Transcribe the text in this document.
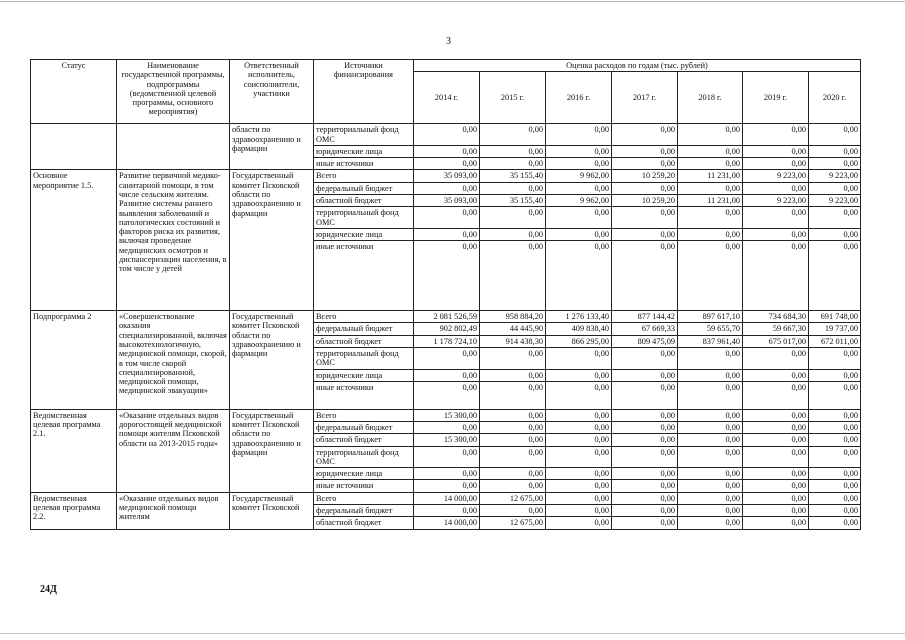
3
Статус	Наименование государственной программы, подпрограммы (ведомственной целевой программы, основного мероприятия)	Ответственный исполнитель, соисполнители, участники	Источники финансирования	Оценка расходов по годам (тыс. рублей)						
				2014 г.	2015 г.	2016 г.	2017 г.	2018 г.	2019 г.	2020 г.
		области по здравоохранению и фармации	территориальный фонд ОМС	0,00	0,00	0,00	0,00	0,00	0,00	0,00
			юридические лица	0,00	0,00	0,00	0,00	0,00	0,00	0,00
			иные источники	0,00	0,00	0,00	0,00	0,00	0,00	0,00
Основное мероприятие 1.5.	Развитие первичной медико-санитарной помощи, в том числе сельским жителям. Развитие системы раннего выявления заболеваний и патологических состояний и факторов риска их развития, включая проведение медицинских осмотров и диспансеризации населения, в том числе у детей	Государственный комитет Псковской области по здравоохранению и фармации	Всего	35 093,00	35 155,40	9 962,00	10 259,20	11 231,00	9 223,00	9 223,00
			федеральный бюджет	0,00	0,00	0,00	0,00	0,00	0,00	0,00
			областной бюджет	35 093,00	35 155,40	9 962,00	10 259,20	11 231,00	9 223,00	9 223,00
			территориальный фонд ОМС	0,00	0,00	0,00	0,00	0,00	0,00	0,00
			юридические лица	0,00	0,00	0,00	0,00	0,00	0,00	0,00
			иные источники	0,00	0,00	0,00	0,00	0,00	0,00	0,00
Подпрограмма 2	«Совершенствование оказания специализированной, включая высокотехнологичную, медицинской помощи, скорой, в том числе скорой специализированной, медицинской помощи, медицинской эвакуации»	Государственный комитет Псковской области по здравоохранению и фармации	Всего	2 081 526,59	958 884,20	1 276 133,40	877 144,42	897 617,10	734 684,30	691 748,00
			федеральный бюджет	902 802,49	44 445,90	409 838,40	67 669,33	59 655,70	59 667,30	19 737,00
			областной бюджет	1 178 724,10	914 438,30	866 295,00	809 475,09	837 961,40	675 017,00	672 011,00
			территориальный фонд ОМС	0,00	0,00	0,00	0,00	0,00	0,00	0,00
			юридические лица	0,00	0,00	0,00	0,00	0,00	0,00	0,00
			иные источники	0,00	0,00	0,00	0,00	0,00	0,00	0,00
Ведомственная целевая программа 2.1.	«Оказание отдельных видов дорогостоящей медицинской помощи жителям Псковской области на 2013-2015 годы»	Государственный комитет Псковской области по здравоохранению и фармации	Всего	15 300,00	0,00	0,00	0,00	0,00	0,00	0,00
			федеральный бюджет	0,00	0,00	0,00	0,00	0,00	0,00	0,00
			областной бюджет	15 300,00	0,00	0,00	0,00	0,00	0,00	0,00
			территориальный фонд ОМС	0,00	0,00	0,00	0,00	0,00	0,00	0,00
			юридические лица	0,00	0,00	0,00	0,00	0,00	0,00	0,00
			иные источники	0,00	0,00	0,00	0,00	0,00	0,00	0,00
Ведомственная целевая программа 2.2.	«Оказание отдельных видов медицинской помощи жителям	Государственный комитет Псковской	Всего	14 000,00	12 675,00	0,00	0,00	0,00	0,00	0,00
			федеральный бюджет	0,00	0,00	0,00	0,00	0,00	0,00	0,00
			областной бюджет	14 000,00	12 675,00	0,00	0,00	0,00	0,00	0,00
24Д
